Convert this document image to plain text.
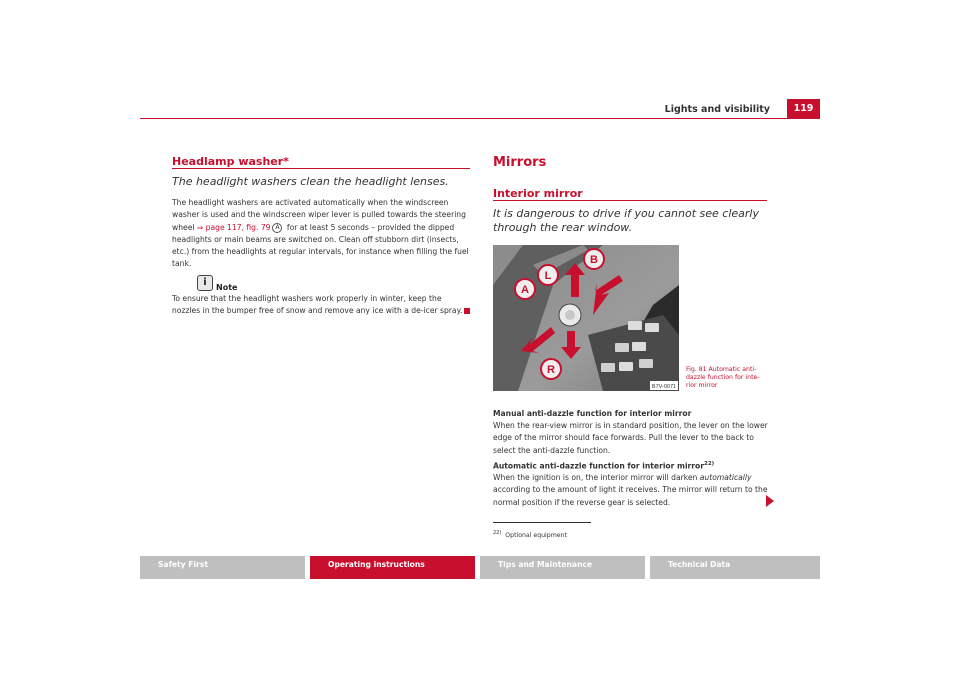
Lights and visibility	119
Headlamp washer*
The headlight washers clean the headlight lenses.
The headlight washers are activated automatically when the windscreen washer is used and the windscreen wiper lever is pulled towards the steering wheel ⇒ page 117, fig. 79 A for at least 5 seconds – provided the dipped headlights or main beams are switched on. Clean off stubborn dirt (insects, etc.) from the headlights at regular intervals, for instance when filling the fuel tank.
i	Note
To ensure that the headlight washers work properly in winter, keep the nozzles in the bumper free of snow and remove any ice with a de-icer spray.
Mirrors
Interior mirror
It is dangerous to drive if you cannot see clearly through the rear window.
A
L
B
R
B7V-0071
Fig. 81 Automatic anti-dazzle function for inte-rior mirror
Manual anti-dazzle function for interior mirror
When the rear-view mirror is in standard position, the lever on the lower edge of the mirror should face forwards. Pull the lever to the back to select the anti-dazzle function.
Automatic anti-dazzle function for interior mirror$^{22)}$
When the ignition is on, the interior mirror will darken automatically according to the amount of light it receives. The mirror will return to the normal position if the reverse gear is selected.
$^{22)}$ Optional equipment
Safety First	Operating instructions	Tips and Maintenance	Technical Data
